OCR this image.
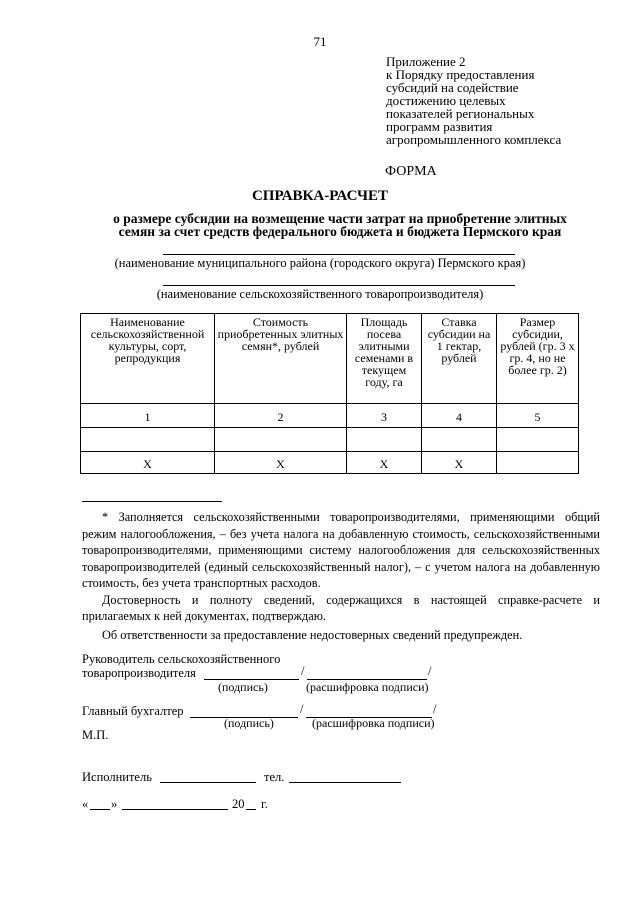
71
Приложение 2
к Порядку предоставления
субсидий на содействие
достижению целевых
показателей региональных
программ развития
агропромышленного комплекса
ФОРМА
СПРАВКА-РАСЧЕТ
о размере субсидии на возмещение части затрат на приобретение элитных
семян за счет средств федерального бюджета и бюджета Пермского края
(наименование муниципального района (городского округа) Пермского края)
(наименование сельскохозяйственного товаропроизводителя)
Наименование сельскохозяйственной культуры, сорт, репродукция	Стоимость приобретенных элитных семян*, рублей	Площадь посева элитными семенами в текущем году, га	Ставка субсидии на 1 гектар, рублей	Размер субсидии, рублей (гр. 3 х гр. 4, но не более гр. 2)
1	2	3	4	5

Х	Х	Х	Х	

* Заполняется сельскохозяйственными товаропроизводителями, применяющими общий режим налогообложения, – без учета налога на добавленную стоимость, сельскохозяйственными товаропроизводителями, применяющими систему налогообложения для сельскохозяйственных товаропроизводителей (единый сельскохозяйственный налог), – с учетом налога на добавленную стоимость, без учета транспортных расходов.

Достоверность и полноту сведений, содержащихся в настоящей справке-расчете и прилагаемых к ней документах, подтверждаю.

Об ответственности за предоставление недостоверных сведений предупрежден.

Руководитель сельскохозяйственного
товаропроизводителя	/	/
(подпись)	(расшифровка подписи)
Главный бухгалтер	/	/
(подпись)	(расшифровка подписи)
М.П.
Исполнитель	тел.
« »	20 г.
